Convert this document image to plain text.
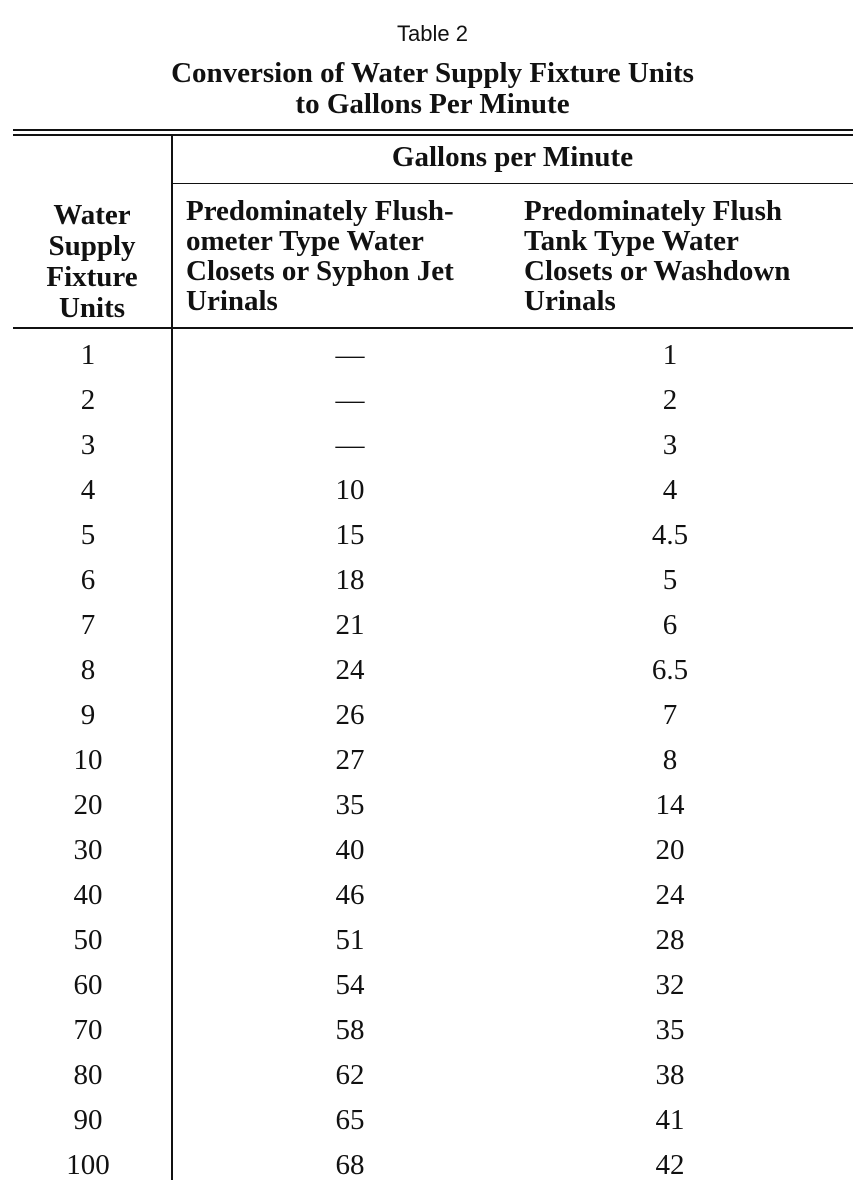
Table 2
Conversion of Water Supply Fixture Units
to Gallons Per Minute
Gallons per Minute
Water
Supply
Fixture
Units
Predominately Flush-
ometer Type Water
Closets or Syphon Jet
Urinals
Predominately Flush
Tank Type Water
Closets or Washdown
Urinals
1	—	1
2	—	2
3	—	3
4	10	4
5	15	4.5
6	18	5
7	21	6
8	24	6.5
9	26	7
10	27	8
20	35	14
30	40	20
40	46	24
50	51	28
60	54	32
70	58	35
80	62	38
90	65	41
100	68	42
